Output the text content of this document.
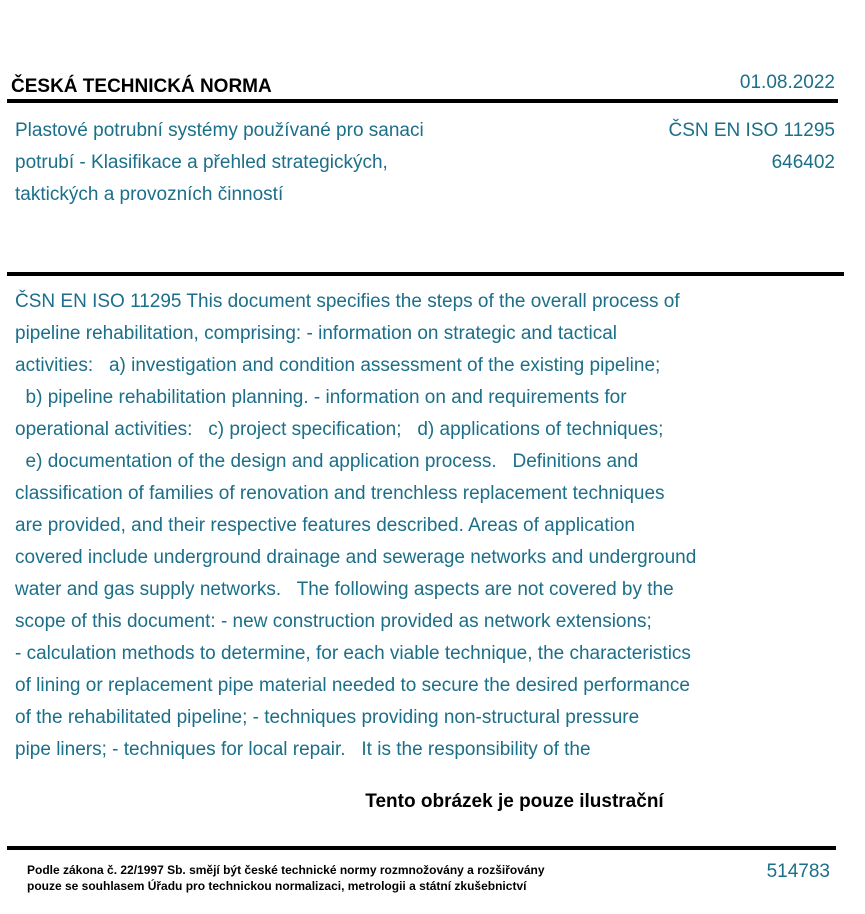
ČESKÁ TECHNICKÁ NORMA	01.08.2022
Plastové potrubní systémy používané pro sanaci
potrubí - Klasifikace a přehled strategických,
taktických a provozních činností
ČSN EN ISO 11295
646402
ČSN EN ISO 11295 This document specifies the steps of the overall process of
pipeline rehabilitation, comprising: - information on strategic and tactical
activities:   a) investigation and condition assessment of the existing pipeline;
b) pipeline rehabilitation planning. - information on and requirements for
operational activities:   c) project specification;   d) applications of techniques;
e) documentation of the design and application process.   Definitions and
classification of families of renovation and trenchless replacement techniques
are provided, and their respective features described. Areas of application
covered include underground drainage and sewerage networks and underground
water and gas supply networks.   The following aspects are not covered by the
scope of this document: - new construction provided as network extensions;
- calculation methods to determine, for each viable technique, the characteristics
of lining or replacement pipe material needed to secure the desired performance
of the rehabilitated pipeline; - techniques providing non-structural pressure
pipe liners; - techniques for local repair.   It is the responsibility of the
Tento obrázek je pouze ilustrační
Podle zákona č. 22/1997 Sb. smějí být české technické normy rozmnožovány a rozšiřovány
pouze se souhlasem Úřadu pro technickou normalizaci, metrologii a státní zkušebnictví
514783
